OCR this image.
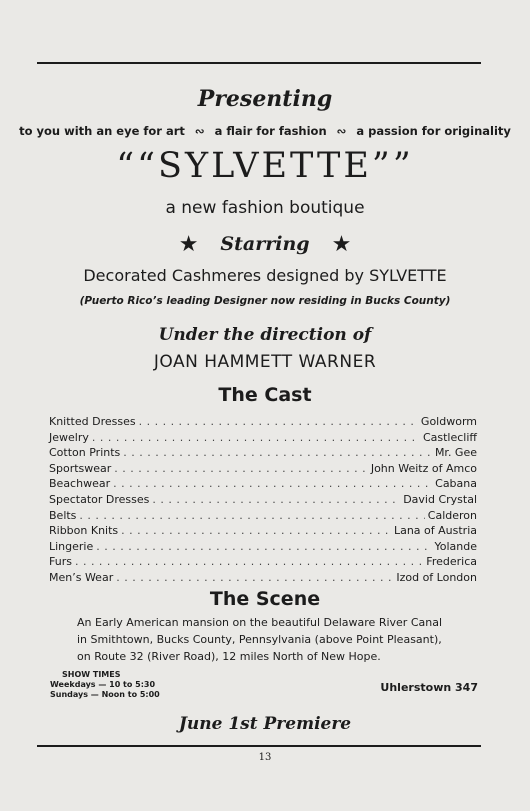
Presenting
to you with an eye for art ∾ a flair for fashion ∾ a passion for originality
““SYLVETTE””
a new fashion boutique
★ Starring ★
Decorated Cashmeres designed by SYLVETTE
(Puerto Rico’s leading Designer now residing in Bucks County)
Under the direction of
JOAN HAMMETT WARNER
The Cast
Knitted Dresses . . .	Goldworm
Jewelry . . .	Castlecliff
Cotton Prints . . .	Mr. Gee
Sportswear . . .	John Weitz of Amco
Beachwear . . .	Cabana
Spectator Dresses . . .	David Crystal
Belts . . .	Calderon
Ribbon Knits . . .	Lana of Austria
Lingerie . . .	Yolande
Furs . . .	Frederica
Men’s Wear . . .	Izod of London
The Scene
An Early American mansion on the beautiful Delaware River Canal
in Smithtown, Bucks County, Pennsylvania (above Point Pleasant),
on Route 32 (River Road), 12 miles North of New Hope.
SHOW TIMES
Weekdays — 10 to 5:30
Sundays — Noon to 5:00
Uhlerstown 347
June 1st Premiere
13
